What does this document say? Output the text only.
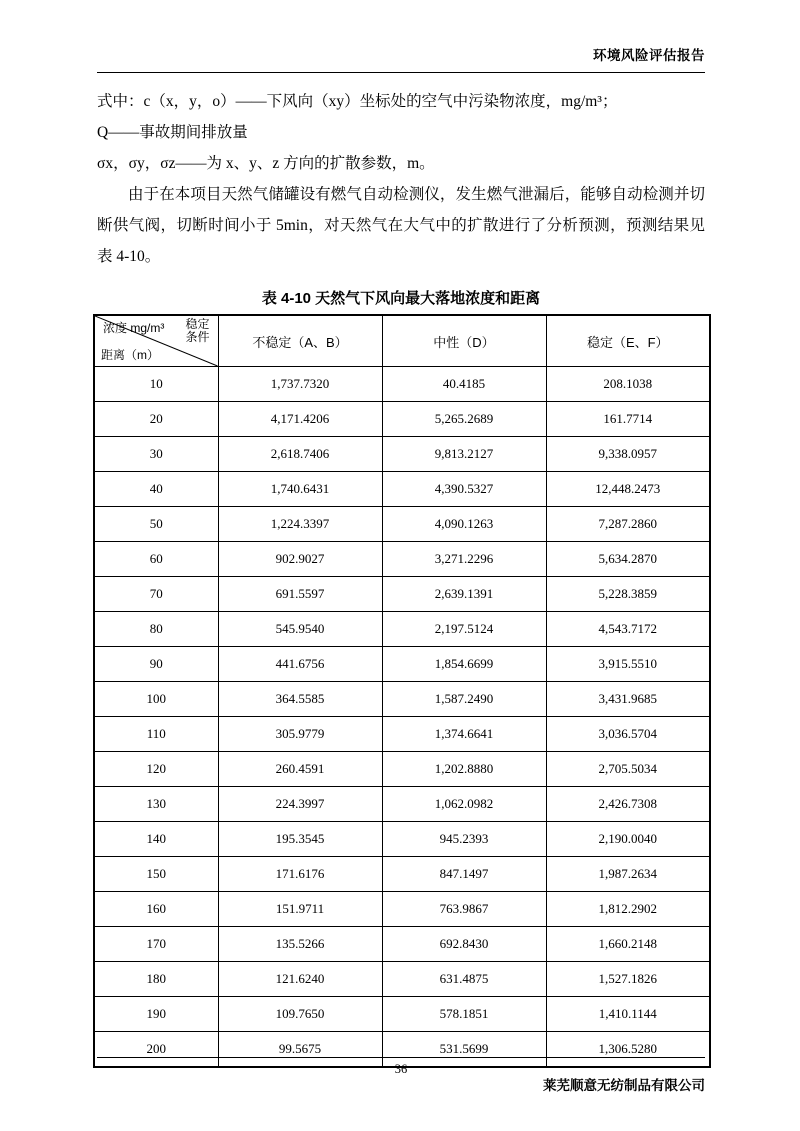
环境风险评估报告

式中：c（x，y，o）——下风向（xy）坐标处的空气中污染物浓度，mg/m³；

Q——事故期间排放量

σx，σy，σz——为 x、y、z 方向的扩散参数，m。

由于在本项目天然气储罐设有燃气自动检测仪，发生燃气泄漏后，能够自动检测并切断供气阀，切断时间小于 5min，对天然气在大气中的扩散进行了分析预测，预测结果见表 4-10。

表 4-10 天然气下风向最大落地浓度和距离
浓度 mg/m³ 稳定
条件
距离（m）	不稳定（A、B）	中性（D）	稳定（E、F）
10	1,737.7320	40.4185	208.1038
20	4,171.4206	5,265.2689	161.7714
30	2,618.7406	9,813.2127	9,338.0957
40	1,740.6431	4,390.5327	12,448.2473
50	1,224.3397	4,090.1263	7,287.2860
60	902.9027	3,271.2296	5,634.2870
70	691.5597	2,639.1391	5,228.3859
80	545.9540	2,197.5124	4,543.7172
90	441.6756	1,854.6699	3,915.5510
100	364.5585	1,587.2490	3,431.9685
110	305.9779	1,374.6641	3,036.5704
120	260.4591	1,202.8880	2,705.5034
130	224.3997	1,062.0982	2,426.7308
140	195.3545	945.2393	2,190.0040
150	171.6176	847.1497	1,987.2634
160	151.9711	763.9867	1,812.2902
170	135.5266	692.8430	1,660.2148
180	121.6240	631.4875	1,527.1826
190	109.7650	578.1851	1,410.1144
200	99.5675	531.5699	1,306.5280
36
莱芜顺意无纺制品有限公司
